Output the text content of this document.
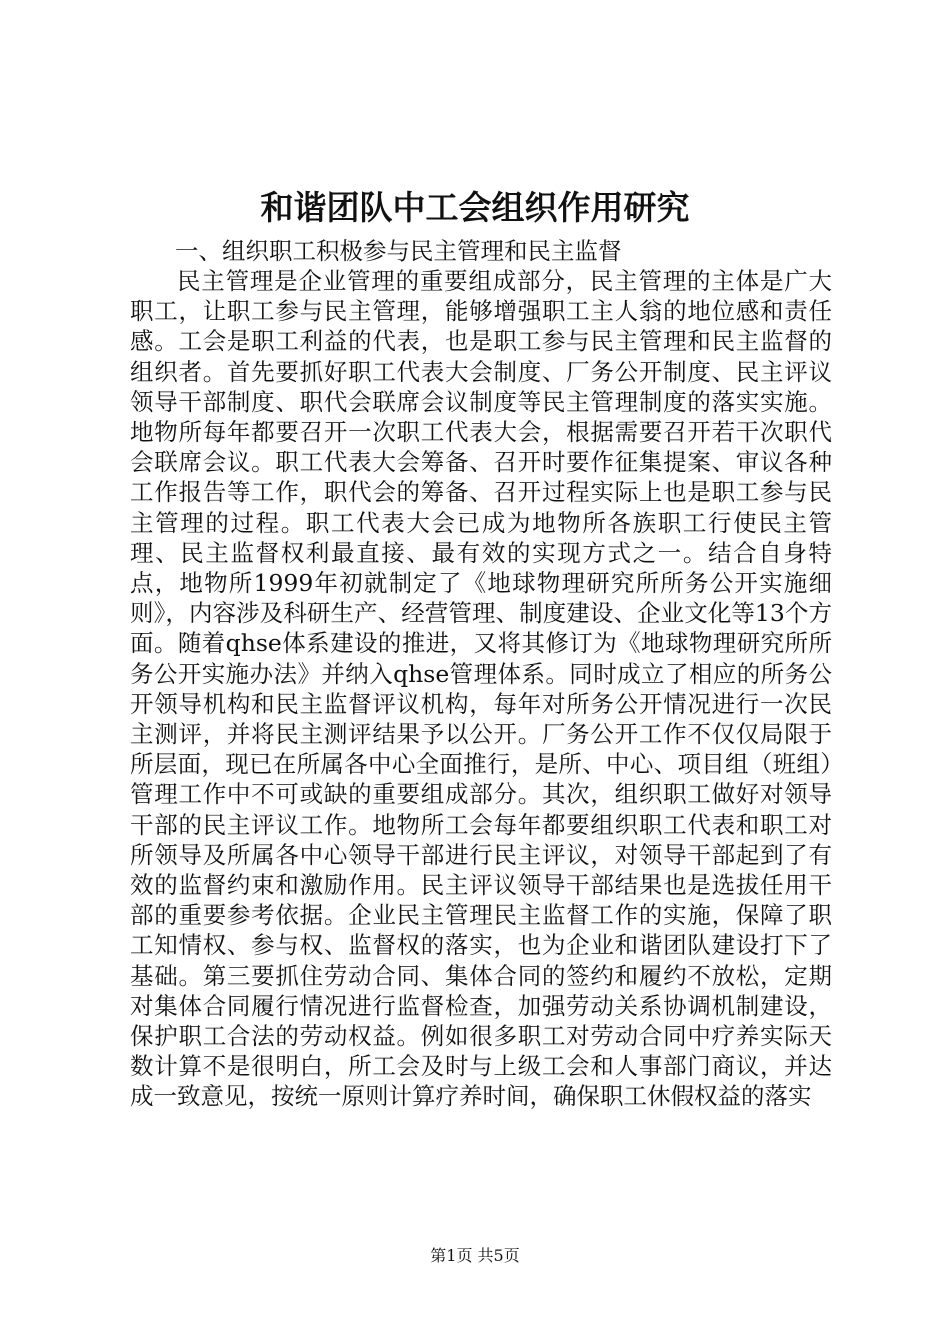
和谐团队中工会组织作用研究

一、组织职工积极参与民主管理和民主监督

民主管理是企业管理的重要组成部分，民主管理的主体是广大职工，让职工参与民主管理，能够增强职工主人翁的地位感和责任感。工会是职工利益的代表，也是职工参与民主管理和民主监督的组织者。首先要抓好职工代表大会制度、厂务公开制度、民主评议领导干部制度、职代会联席会议制度等民主管理制度的落实实施。地物所每年都要召开一次职工代表大会，根据需要召开若干次职代会联席会议。职工代表大会筹备、召开时要作征集提案、审议各种工作报告等工作，职代会的筹备、召开过程实际上也是职工参与民主管理的过程。职工代表大会已成为地物所各族职工行使民主管理、民主监督权利最直接、最有效的实现方式之一。结合自身特点，地物所1999年初就制定了《地球物理研究所所务公开实施细则》，内容涉及科研生产、经营管理、制度建设、企业文化等13个方面。随着qhse体系建设的推进，又将其修订为《地球物理研究所所务公开实施办法》并纳入qhse管理体系。同时成立了相应的所务公开领导机构和民主监督评议机构，每年对所务公开情况进行一次民主测评，并将民主测评结果予以公开。厂务公开工作不仅仅局限于所层面，现已在所属各中心全面推行，是所、中心、项目组（班组）管理工作中不可或缺的重要组成部分。其次，组织职工做好对领导干部的民主评议工作。地物所工会每年都要组织职工代表和职工对所领导及所属各中心领导干部进行民主评议，对领导干部起到了有效的监督约束和激励作用。民主评议领导干部结果也是选拔任用干部的重要参考依据。企业民主管理民主监督工作的实施，保障了职工知情权、参与权、监督权的落实，也为企业和谐团队建设打下了基础。第三要抓住劳动合同、集体合同的签约和履约不放松，定期对集体合同履行情况进行监督检查，加强劳动关系协调机制建设，保护职工合法的劳动权益。例如很多职工对劳动合同中疗养实际天数计算不是很明白，所工会及时与上级工会和人事部门商议，并达成一致意见，按统一原则计算疗养时间，确保职工休假权益的落实

第1页 共5页
